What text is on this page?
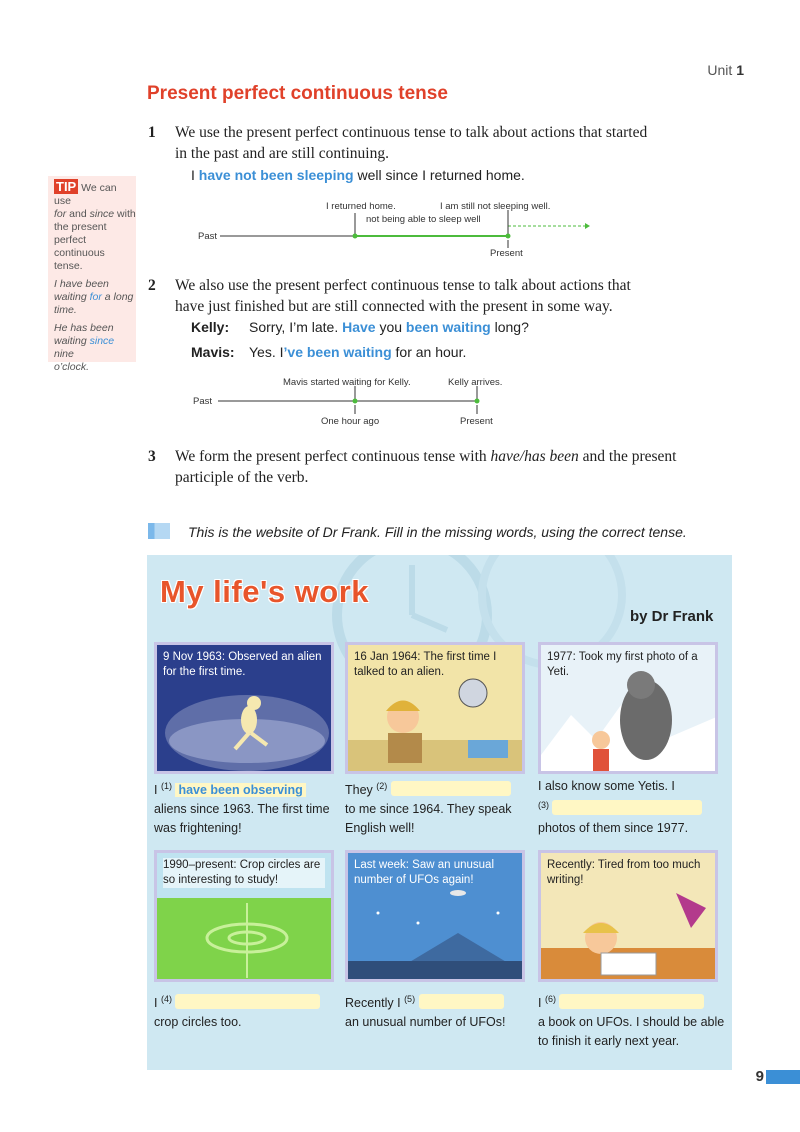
Unit 1
Present perfect continuous tense
1 We use the present perfect continuous tense to talk about actions that started
in the past and are still continuing.
I have not been sleeping well since I returned home.
Past
I returned home.	I am still not sleeping well.
not being able to sleep well
Present
TIP We can use
for and since with
the present perfect
continuous tense.
I have been
waiting for a long
time.
He has been
waiting since nine
o’clock.
2 We also use the present perfect continuous tense to talk about actions that
have just finished but are still connected with the present in some way.
Kelly: Sorry, I’m late. Have you been waiting long?
Mavis: Yes. I’ve been waiting for an hour.
Past
Mavis started waiting for Kelly.	Kelly arrives.
One hour ago	Present
3 We form the present perfect continuous tense with have/has been and the present
participle of the verb.
This is the website of Dr Frank. Fill in the missing words, using the correct tense.
My life's work
by Dr Frank
9 Nov 1963: Observed an alien for the first time.
I $^{(1)}$ have been observing
aliens since 1963. The first time was frightening!
16 Jan 1964: The first time I talked to an alien.
They $^{(2)}$
to me since 1964. They speak English well!
1977: Took my first photo of a Yeti.
I also know some Yetis. I
$^{(3)}$
photos of them since 1977.
1990–present: Crop circles are so interesting to study!
I $^{(4)}$
crop circles too.
Last week: Saw an unusual number of UFOs again!
Recently I $^{(5)}$
an unusual number of UFOs!
Recently: Tired from too much writing!
I $^{(6)}$
a book on UFOs. I should be able to finish it early next year.
9
